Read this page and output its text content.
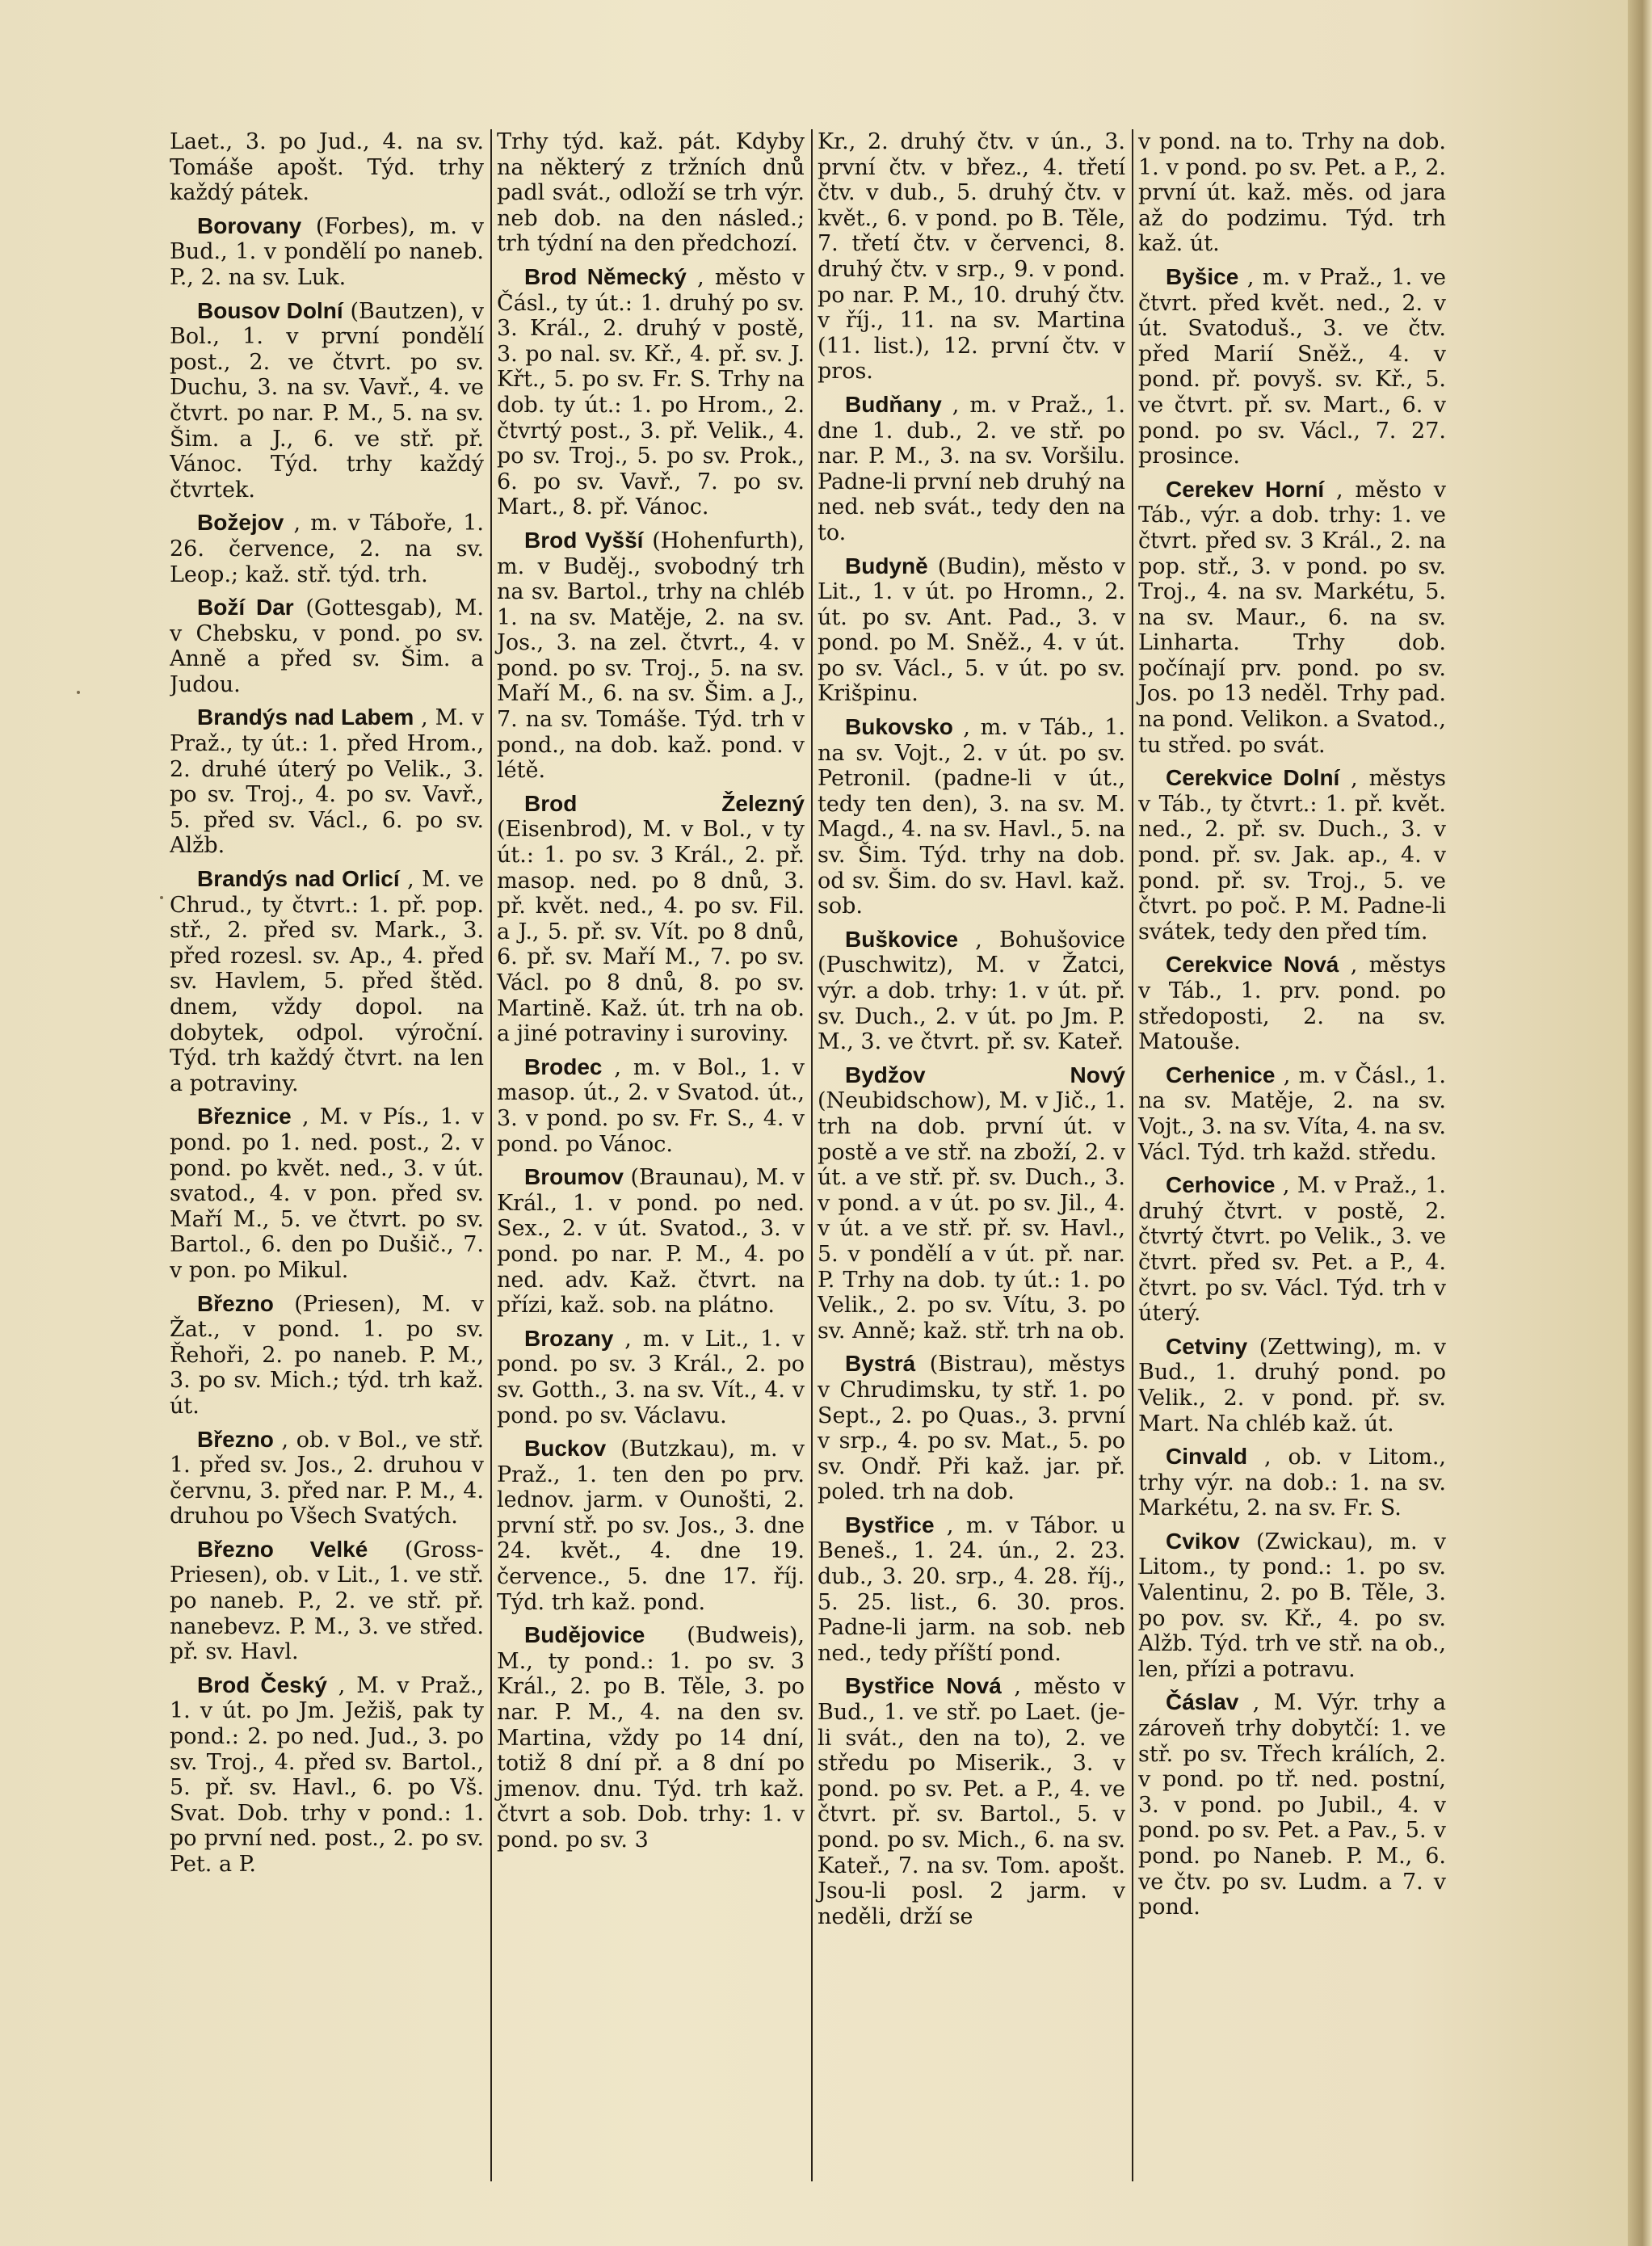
Laet., 3. po Jud., 4. na sv. Tomáše apošt. Týd. trhy každý pátek.
Borovany (Forbes), m. v Bud., 1. v pondělí po naneb. P., 2. na sv. Luk.
Bousov Dolní (Bautzen), v Bol., 1. v první pondělí post., 2. ve čtvrt. po sv. Duchu, 3. na sv. Vavř., 4. ve čtvrt. po nar. P. M., 5. na sv. Šim. a J., 6. ve stř. př. Vánoc. Týd. trhy každý čtvrtek.
Božejov , m. v Táboře, 1. 26. července, 2. na sv. Leop.; kaž. stř. týd. trh.
Boží Dar (Gottesgab), M. v Chebsku, v pond. po sv. Anně a před sv. Šim. a Judou.
Brandýs nad Labem , M. v Praž., ty út.: 1. před Hrom., 2. druhé úterý po Velik., 3. po sv. Troj., 4. po sv. Vavř., 5. před sv. Václ., 6. po sv. Alžb.
Brandýs nad Orlicí , M. ve Chrud., ty čtvrt.: 1. př. pop. stř., 2. před sv. Mark., 3. před rozesl. sv. Ap., 4. před sv. Havlem, 5. před štěd. dnem, vždy dopol. na dobytek, odpol. výroční. Týd. trh každý čtvrt. na len a potraviny.
Březnice , M. v Pís., 1. v pond. po 1. ned. post., 2. v pond. po květ. ned., 3. v út. svatod., 4. v pon. před sv. Maří M., 5. ve čtvrt. po sv. Bartol., 6. den po Dušič., 7. v pon. po Mikul.
Březno (Priesen), M. v Žat., v pond. 1. po sv. Řehoři, 2. po naneb. P. M., 3. po sv. Mich.; týd. trh kaž. út.
Březno , ob. v Bol., ve stř. 1. před sv. Jos., 2. druhou v červnu, 3. před nar. P. M., 4. druhou po Všech Svatých.
Březno Velké (Gross-Priesen), ob. v Lit., 1. ve stř. po naneb. P., 2. ve stř. př. nanebevz. P. M., 3. ve střed. př. sv. Havl.
Brod Český , M. v Praž., 1. v út. po Jm. Ježiš, pak ty pond.: 2. po ned. Jud., 3. po sv. Troj., 4. před sv. Bartol., 5. př. sv. Havl., 6. po Vš. Svat. Dob. trhy v pond.: 1. po první ned. post., 2. po sv. Pet. a P.
Trhy týd. kaž. pát. Kdyby na některý z tržních dnů padl svát., odloží se trh výr. neb dob. na den násled.; trh týdní na den předchozí.
Brod Německý , město v Čásl., ty út.: 1. druhý po sv. 3. Král., 2. druhý v postě, 3. po nal. sv. Kř., 4. př. sv. J. Křt., 5. po sv. Fr. S. Trhy na dob. ty út.: 1. po Hrom., 2. čtvrtý post., 3. př. Velik., 4. po sv. Troj., 5. po sv. Prok., 6. po sv. Vavř., 7. po sv. Mart., 8. př. Vánoc.
Brod Vyšší (Hohenfurth), m. v Buděj., svobodný trh na sv. Bartol., trhy na chléb 1. na sv. Matěje, 2. na sv. Jos., 3. na zel. čtvrt., 4. v pond. po sv. Troj., 5. na sv. Maří M., 6. na sv. Šim. a J., 7. na sv. Tomáše. Týd. trh v pond., na dob. kaž. pond. v létě.
Brod Železný (Eisenbrod), M. v Bol., v ty út.: 1. po sv. 3 Král., 2. př. masop. ned. po 8 dnů, 3. př. květ. ned., 4. po sv. Fil. a J., 5. př. sv. Vít. po 8 dnů, 6. př. sv. Maří M., 7. po sv. Václ. po 8 dnů, 8. po sv. Martině. Kaž. út. trh na ob. a jiné potraviny i suroviny.
Brodec , m. v Bol., 1. v masop. út., 2. v Svatod. út., 3. v pond. po sv. Fr. S., 4. v pond. po Vánoc.
Broumov (Braunau), M. v Král., 1. v pond. po ned. Sex., 2. v út. Svatod., 3. v pond. po nar. P. M., 4. po ned. adv. Kaž. čtvrt. na přízi, kaž. sob. na plátno.
Brozany , m. v Lit., 1. v pond. po sv. 3 Král., 2. po sv. Gotth., 3. na sv. Vít., 4. v pond. po sv. Václavu.
Buckov (Butzkau), m. v Praž., 1. ten den po prv. lednov. jarm. v Ounošti, 2. první stř. po sv. Jos., 3. dne 24. květ., 4. dne 19. července., 5. dne 17. říj. Týd. trh kaž. pond.
Budějovice (Budweis), M., ty pond.: 1. po sv. 3 Král., 2. po B. Těle, 3. po nar. P. M., 4. na den sv. Martina, vždy po 14 dní, totiž 8 dní př. a 8 dní po jmenov. dnu. Týd. trh kaž. čtvrt a sob. Dob. trhy: 1. v pond. po sv. 3
Kr., 2. druhý čtv. v ún., 3. první čtv. v břez., 4. třetí čtv. v dub., 5. druhý čtv. v květ., 6. v pond. po B. Těle, 7. třetí čtv. v červenci, 8. druhý čtv. v srp., 9. v pond. po nar. P. M., 10. druhý čtv. v říj., 11. na sv. Martina (11. list.), 12. první čtv. v pros.
Budňany , m. v Praž., 1. dne 1. dub., 2. ve stř. po nar. P. M., 3. na sv. Voršilu. Padne-li první neb druhý na ned. neb svát., tedy den na to.
Budyně (Budin), město v Lit., 1. v út. po Hromn., 2. út. po sv. Ant. Pad., 3. v pond. po M. Sněž., 4. v út. po sv. Václ., 5. v út. po sv. Krišpinu.
Bukovsko , m. v Táb., 1. na sv. Vojt., 2. v út. po sv. Petronil. (padne-li v út., tedy ten den), 3. na sv. M. Magd., 4. na sv. Havl., 5. na sv. Šim. Týd. trhy na dob. od sv. Šim. do sv. Havl. kaž. sob.
Buškovice , Bohušovice (Puschwitz), M. v Žatci, výr. a dob. trhy: 1. v út. př. sv. Duch., 2. v út. po Jm. P. M., 3. ve čtvrt. př. sv. Kateř.
Bydžov Nový (Neubidschow), M. v Jič., 1. trh na dob. první út. v postě a ve stř. na zboží, 2. v út. a ve stř. př. sv. Duch., 3. v pond. a v út. po sv. Jil., 4. v út. a ve stř. př. sv. Havl., 5. v pondělí a v út. př. nar. P. Trhy na dob. ty út.: 1. po Velik., 2. po sv. Vítu, 3. po sv. Anně; kaž. stř. trh na ob.
Bystrá (Bistrau), městys v Chrudimsku, ty stř. 1. po Sept., 2. po Quas., 3. první v srp., 4. po sv. Mat., 5. po sv. Ondř. Při kaž. jar. př. poled. trh na dob.
Bystřice , m. v Tábor. u Beneš., 1. 24. ún., 2. 23. dub., 3. 20. srp., 4. 28. říj., 5. 25. list., 6. 30. pros. Padne-li jarm. na sob. neb ned., tedy příští pond.
Bystřice Nová , město v Bud., 1. ve stř. po Laet. (je-li svát., den na to), 2. ve středu po Miserik., 3. v pond. po sv. Pet. a P., 4. ve čtvrt. př. sv. Bartol., 5. v pond. po sv. Mich., 6. na sv. Kateř., 7. na sv. Tom. apošt. Jsou-li posl. 2 jarm. v neděli, drží se
v pond. na to. Trhy na dob. 1. v pond. po sv. Pet. a P., 2. první út. kaž. měs. od jara až do podzimu. Týd. trh kaž. út.
Byšice , m. v Praž., 1. ve čtvrt. před květ. ned., 2. v út. Svatoduš., 3. ve čtv. před Marií Sněž., 4. v pond. př. povyš. sv. Kř., 5. ve čtvrt. př. sv. Mart., 6. v pond. po sv. Václ., 7. 27. prosince.
Cerekev Horní , město v Táb., výr. a dob. trhy: 1. ve čtvrt. před sv. 3 Král., 2. na pop. stř., 3. v pond. po sv. Troj., 4. na sv. Markétu, 5. na sv. Maur., 6. na sv. Linharta. Trhy dob. počínají prv. pond. po sv. Jos. po 13 neděl. Trhy pad. na pond. Velikon. a Svatod., tu střed. po svát.
Cerekvice Dolní , městys v Táb., ty čtvrt.: 1. př. květ. ned., 2. př. sv. Duch., 3. v pond. př. sv. Jak. ap., 4. v pond. př. sv. Troj., 5. ve čtvrt. po poč. P. M. Padne-li svátek, tedy den před tím.
Cerekvice Nová , městys v Táb., 1. prv. pond. po středoposti, 2. na sv. Matouše.
Cerhenice , m. v Čásl., 1. na sv. Matěje, 2. na sv. Vojt., 3. na sv. Víta, 4. na sv. Václ. Týd. trh každ. středu.
Cerhovice , M. v Praž., 1. druhý čtvrt. v postě, 2. čtvrtý čtvrt. po Velik., 3. ve čtvrt. před sv. Pet. a P., 4. čtvrt. po sv. Václ. Týd. trh v úterý.
Cetviny (Zettwing), m. v Bud., 1. druhý pond. po Velik., 2. v pond. př. sv. Mart. Na chléb kaž. út.
Cinvald , ob. v Litom., trhy výr. na dob.: 1. na sv. Markétu, 2. na sv. Fr. S.
Cvikov (Zwickau), m. v Litom., ty pond.: 1. po sv. Valentinu, 2. po B. Těle, 3. po pov. sv. Kř., 4. po sv. Alžb. Týd. trh ve stř. na ob., len, přízi a potravu.
Čáslav , M. Výr. trhy a zároveň trhy dobytčí: 1. ve stř. po sv. Třech králích, 2. v pond. po tř. ned. postní, 3. v pond. po Jubil., 4. v pond. po sv. Pet. a Pav., 5. v pond. po Naneb. P. M., 6. ve čtv. po sv. Ludm. a 7. v pond.
